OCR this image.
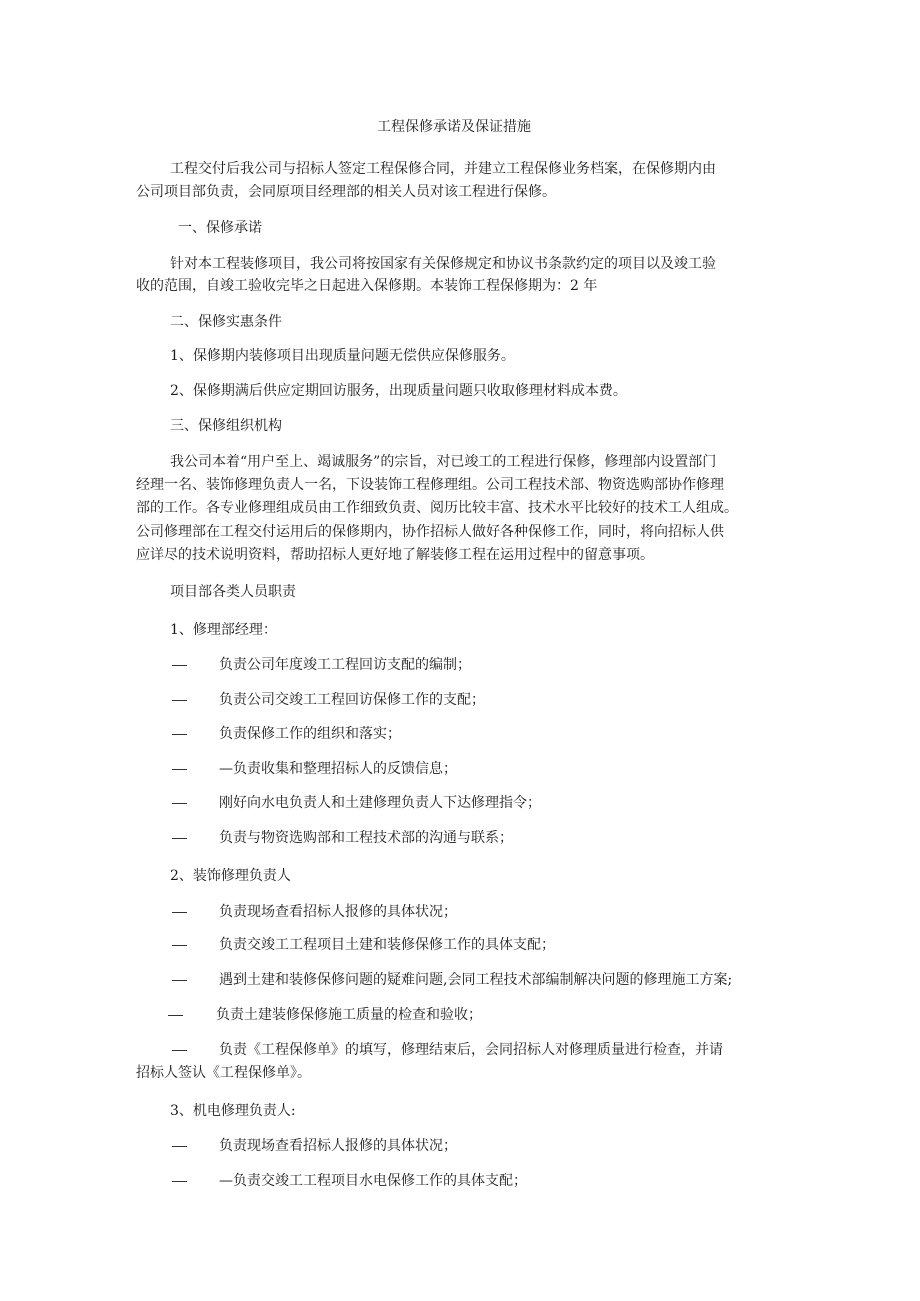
工程保修承诺及保证措施
工程交付后我公司与招标人签定工程保修合同，并建立工程保修业务档案，在保修期内由
公司项目部负责，会同原项目经理部的相关人员对该工程进行保修。
一、保修承诺
针对本工程装修项目，我公司将按国家有关保修规定和协议书条款约定的项目以及竣工验
收的范围，自竣工验收完毕之日起进入保修期。本装饰工程保修期为：2 年
二、保修实惠条件
1、保修期内装修项目出现质量问题无偿供应保修服务。
2、保修期满后供应定期回访服务，出现质量问题只收取修理材料成本费。
三、保修组织机构
我公司本着“用户至上、竭诚服务”的宗旨，对已竣工的工程进行保修，修理部内设置部门
经理一名、装饰修理负责人一名，下设装饰工程修理组。公司工程技术部、物资选购部协作修理
部的工作。各专业修理组成员由工作细致负责、阅历比较丰富、技术水平比较好的技术工人组成。
公司修理部在工程交付运用后的保修期内，协作招标人做好各种保修工作，同时，将向招标人供
应详尽的技术说明资料，帮助招标人更好地了解装修工程在运用过程中的留意事项。
项目部各类人员职责
1、修理部经理：
负责公司年度竣工工程回访支配的编制；
负责公司交竣工工程回访保修工作的支配；
负责保修工作的组织和落实；
—负责收集和整理招标人的反馈信息；
刚好向水电负责人和土建修理负责人下达修理指令；
负责与物资选购部和工程技术部的沟通与联系；
2、装饰修理负责人
负责现场查看招标人报修的具体状况；
负责交竣工工程项目土建和装修保修工作的具体支配；
遇到土建和装修保修问题的疑难问题,会同工程技术部编制解决问题的修理施工方案;
负责土建装修保修施工质量的检查和验收；
负责《工程保修单》的填写，修理结束后，会同招标人对修理质量进行检查，并请
招标人签认《工程保修单》。
3、机电修理负责人:
负责现场查看招标人报修的具体状况；
—负责交竣工工程项目水电保修工作的具体支配；
